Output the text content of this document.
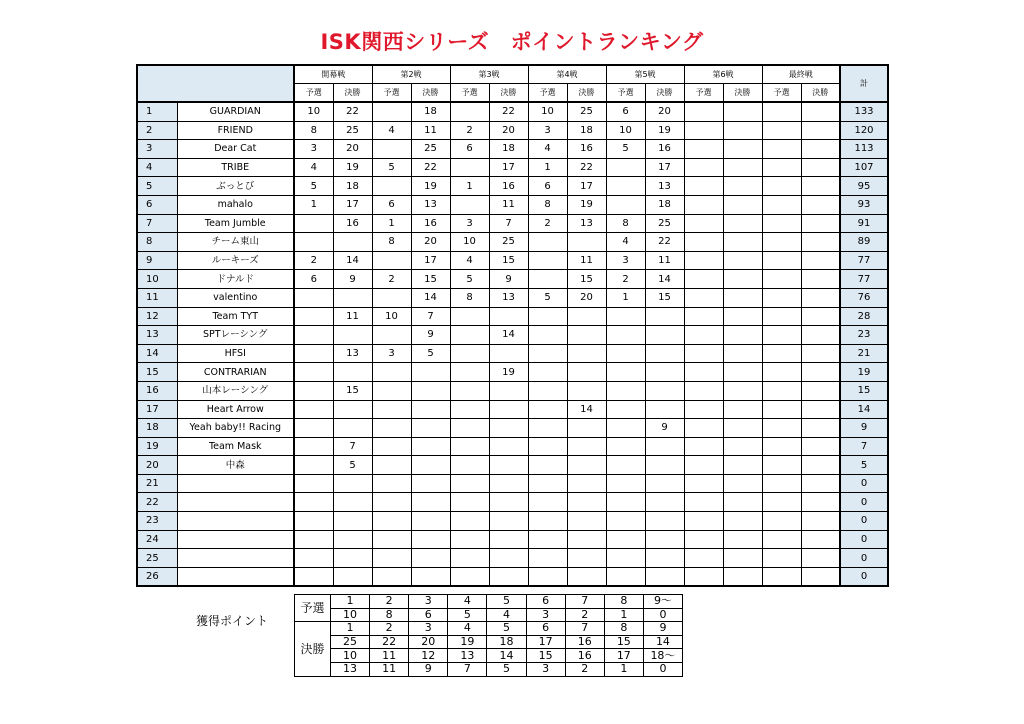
ISK関西シリーズ　ポイントランキング
		開幕戦		第2戦		第3戦		第4戦		第5戦		第6戦		最終戦		計
		予選	決勝	予選	決勝	予選	決勝	予選	決勝	予選	決勝	予選	決勝	予選	決勝	
1	GUARDIAN	10	22		18		22	10	25	6	20					133
2	FRIEND	8	25	4	11	2	20	3	18	10	19					120
3	Dear Cat	3	20		25	6	18	4	16	5	16					113
4	TRIBE	4	19	5	22		17	1	22		17					107
5	ぶっとび	5	18		19	1	16	6	17		13					95
6	mahalo	1	17	6	13		11	8	19		18					93
7	Team Jumble		16	1	16	3	7	2	13	8	25					91
8	チーム東山			8	20	10	25			4	22					89
9	ルーキーズ	2	14		17	4	15		11	3	11					77
10	ドナルド	6	9	2	15	5	9		15	2	14					77
11	valentino				14	8	13	5	20	1	15					76
12	Team TYT		11	10	7											28
13	SPTレーシング				9		14									23
14	HFSI		13	3	5											21
15	CONTRARIAN						19									19
16	山本レーシング		15													15
17	Heart Arrow								14							14
18	Yeah baby!! Racing										9					9
19	Team Mask		7													7
20	中森		5													5
21																0
22																0
23																0
24																0
25																0
26																0
獲得ポイント
予選	1	2	3	4	5	6	7	8	9〜
	10	8	6	5	4	3	2	1	0
決勝	1	2	3	4	5	6	7	8	9
	25	22	20	19	18	17	16	15	14
	10	11	12	13	14	15	16	17	18〜
	13	11	9	7	5	3	2	1	0
